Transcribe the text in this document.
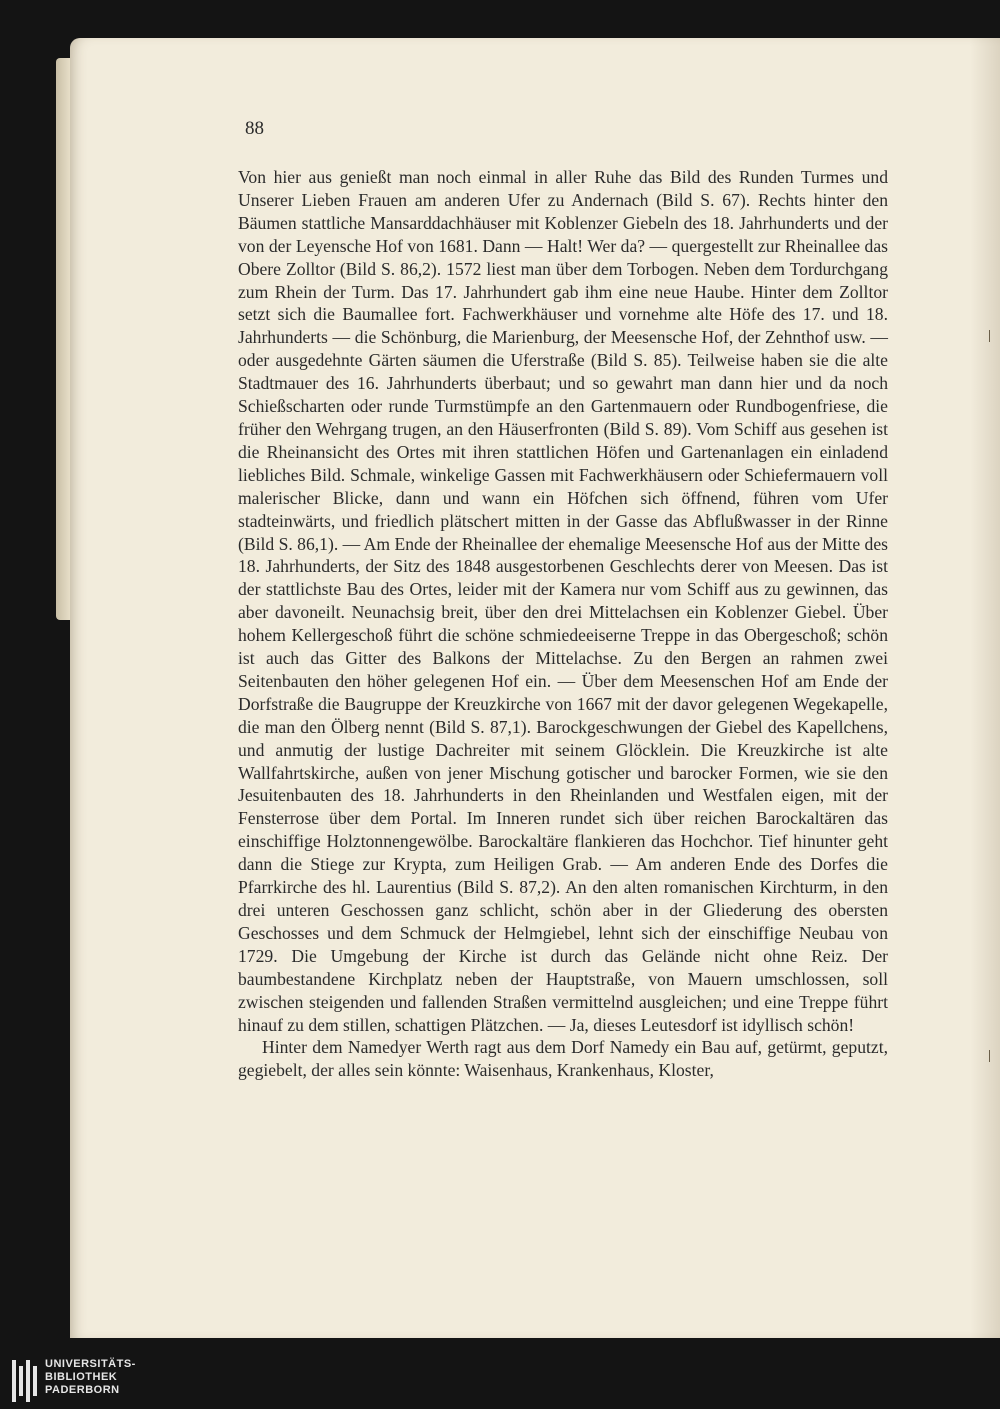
88

Von hier aus genießt man noch einmal in aller Ruhe das Bild des Runden Turmes und Unserer Lieben Frauen am anderen Ufer zu Andernach (Bild S. 67). Rechts hinter den Bäumen stattliche Mansarddachhäuser mit Koblenzer Giebeln des 18. Jahrhunderts und der von der Leyensche Hof von 1681. Dann — Halt! Wer da? — quergestellt zur Rheinallee das Obere Zolltor (Bild S. 86,2). 1572 liest man über dem Torbogen. Neben dem Tordurchgang zum Rhein der Turm. Das 17. Jahrhundert gab ihm eine neue Haube. Hinter dem Zolltor setzt sich die Baumallee fort. Fachwerkhäuser und vornehme alte Höfe des 17. und 18. Jahrhunderts — die Schönburg, die Marienburg, der Meesensche Hof, der Zehnthof usw. — oder ausgedehnte Gärten säumen die Uferstraße (Bild S. 85). Teilweise haben sie die alte Stadtmauer des 16. Jahrhunderts überbaut; und so gewahrt man dann hier und da noch Schießscharten oder runde Turmstümpfe an den Gartenmauern oder Rundbogenfriese, die früher den Wehrgang trugen, an den Häuserfronten (Bild S. 89). Vom Schiff aus gesehen ist die Rheinansicht des Ortes mit ihren stattlichen Höfen und Gartenanlagen ein einladend liebliches Bild. Schmale, winkelige Gassen mit Fachwerkhäusern oder Schiefermauern voll malerischer Blicke, dann und wann ein Höfchen sich öffnend, führen vom Ufer stadteinwärts, und friedlich plätschert mitten in der Gasse das Abflußwasser in der Rinne (Bild S. 86,1). — Am Ende der Rheinallee der ehemalige Meesensche Hof aus der Mitte des 18. Jahrhunderts, der Sitz des 1848 ausgestorbenen Geschlechts derer von Meesen. Das ist der stattlichste Bau des Ortes, leider mit der Kamera nur vom Schiff aus zu gewinnen, das aber davoneilt. Neunachsig breit, über den drei Mittelachsen ein Koblenzer Giebel. Über hohem Kellergeschoß führt die schöne schmiedeeiserne Treppe in das Obergeschoß; schön ist auch das Gitter des Balkons der Mittelachse. Zu den Bergen an rahmen zwei Seitenbauten den höher gelegenen Hof ein. — Über dem Meesenschen Hof am Ende der Dorfstraße die Baugruppe der Kreuzkirche von 1667 mit der davor gelegenen Wegekapelle, die man den Ölberg nennt (Bild S. 87,1). Barockgeschwungen der Giebel des Kapellchens, und anmutig der lustige Dachreiter mit seinem Glöcklein. Die Kreuzkirche ist alte Wallfahrtskirche, außen von jener Mischung gotischer und barocker Formen, wie sie den Jesuitenbauten des 18. Jahrhunderts in den Rheinlanden und Westfalen eigen, mit der Fensterrose über dem Portal. Im Inneren rundet sich über reichen Barockaltären das einschiffige Holztonnengewölbe. Barockaltäre flankieren das Hochchor. Tief hinunter geht dann die Stiege zur Krypta, zum Heiligen Grab. — Am anderen Ende des Dorfes die Pfarrkirche des hl. Laurentius (Bild S. 87,2). An den alten romanischen Kirchturm, in den drei unteren Geschossen ganz schlicht, schön aber in der Gliederung des obersten Geschosses und dem Schmuck der Helmgiebel, lehnt sich der einschiffige Neubau von 1729. Die Umgebung der Kirche ist durch das Gelände nicht ohne Reiz. Der baumbestandene Kirchplatz neben der Hauptstraße, von Mauern umschlossen, soll zwischen steigenden und fallenden Straßen vermittelnd ausgleichen; und eine Treppe führt hinauf zu dem stillen, schattigen Plätzchen. — Ja, dieses Leutesdorf ist idyllisch schön!

Hinter dem Namedyer Werth ragt aus dem Dorf Namedy ein Bau auf, getürmt, geputzt, gegiebelt, der alles sein könnte: Waisenhaus, Krankenhaus, Kloster,

UNIVERSITÄTS-
BIBLIOTHEK
PADERBORN
